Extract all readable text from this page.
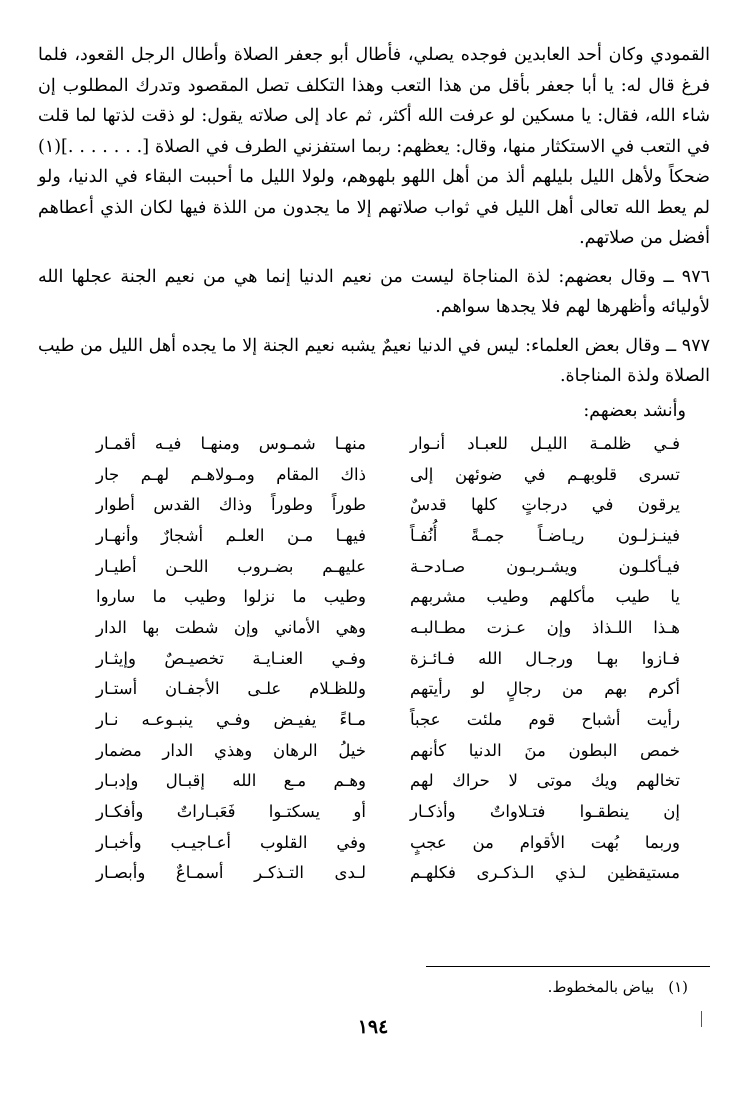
القمودي وكان أحد العابدين فوجده يصلي، فأطال أبو جعفر الصلاة وأطال الرجل القعود، فلما فرغ قال له: يا أبا جعفر بأقل من هذا التعب وهذا التكلف تصل المقصود وتدرك المطلوب إن شاء الله، فقال: يا مسكين لو عرفت الله أكثر، ثم عاد إلى صلاته يقول: لو ذقت لذتها لما قلت في التعب في الاستكثار منها، وقال: يعظهم: ربما استفزني الطرف في الصلاة [. . . . . . .](١) ضحكاً ولأهل الليل بليلهم ألذ من أهل اللهو بلهوهم، ولولا الليل ما أحببت البقاء في الدنيا، ولو لم يعط الله تعالى أهل الليل في ثواب صلاتهم إلا ما يجدون من اللذة فيها لكان الذي أعطاهم أفضل من صلاتهم.

٩٧٦ ــ وقال بعضهم: لذة المناجاة ليست من نعيم الدنيا إنما هي من نعيم الجنة عجلها الله لأوليائه وأظهرها لهم فلا يجدها سواهم.

٩٧٧ ــ وقال بعض العلماء: ليس في الدنيا نعيمٌ يشبه نعيم الجنة إلا ما يجده أهل الليل من طيب الصلاة ولذة المناجاة.

وأنشد بعضهم:
فـي ظلمـة الليـل للعبـاد أنـوار
منهـا شمـوس ومنهـا فيـه أقمـار
تسرى قلوبهـم في ضوئهن إلى
ذاك المقام ومـولاهـم لهـم جار
يرقون في درجاتٍ كلها قدسٌ
طوراً وطوراً وذاك القدس أطوار
فينـزلـون ريـاضـاً جمـةً أُنُفـاً
فيهـا مـن العلـم أشجارٌ وأنهـار
فيـأكلـون ويشـربـون صـادحـة
عليهـم بضـروب اللحـن أطيـار
يا طيب مأكلهم وطيب مشربهم
وطيب ما نزلوا وطيب ما ساروا
هـذا اللـذاذ وإن عـزت مطـالبـه
وهي الأماني وإن شطت بها الدار
فـازوا بهـا ورجـال الله فـائـزة
وفـي العنـايـة تخصيـصٌ وإيثـار
أكرم بهم من رجالٍ لو رأيتهم
وللظـلام علـى الأجفـان أستـار
رأيت أشباح قوم ملئت عجباً
مـاءً يفيـض وفـي ينبـوعـه نـار
خمص البطون منَ الدنيا كأنهم
خيلُ الرهان وهذي الدار مضمار
تخالهم ويك موتى لا حراك لهم
وهـم مـع الله إقبـال وإدبـار
إن ينطقـوا فتـلاواتٌ وأذكـار
أو يسكتـوا فَعَبـاراتٌ وأفكـار
وربما بُهت الأقوام من عجبٍ
وفي القلوب أعـاجيـب وأخبـار
مستيقظين لـذي الـذكـرى فكلهـم
لـدى التـذكـر أسمـاعٌ وأبصـار
(١)بياض بالمخطوط.
١٩٤
